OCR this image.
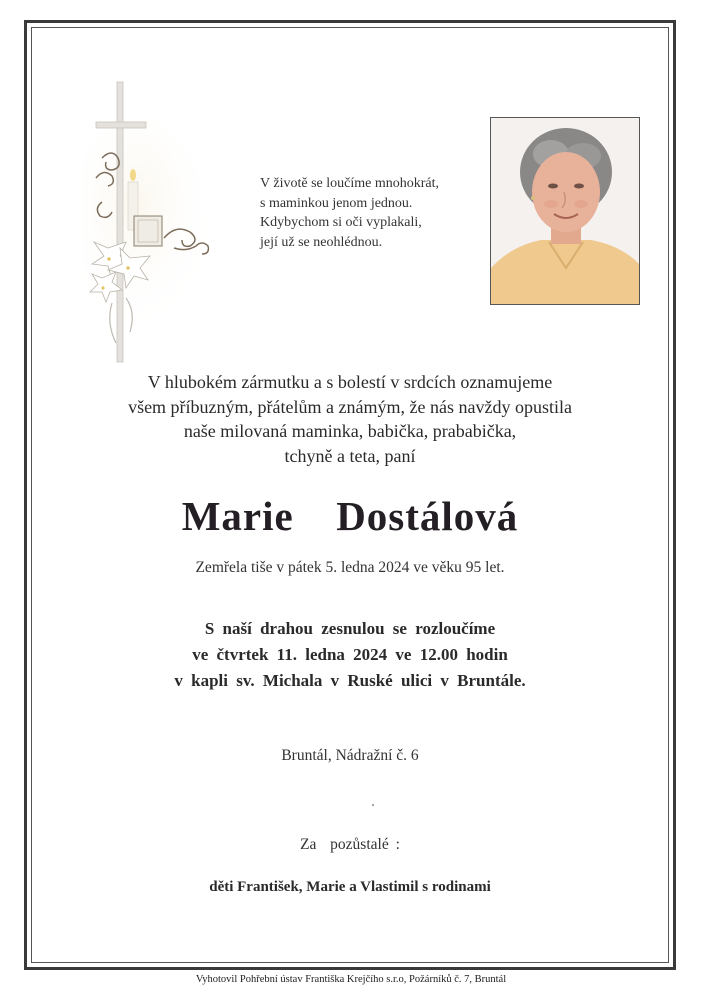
V životě se loučíme mnohokrát,
s maminkou jenom jednou.
Kdybychom si oči vyplakali,
její už se neohlédnou.
V hlubokém zármutku a s bolestí v srdcích oznamujeme
všem příbuzným, přátelům a známým, že nás navždy opustila
naše milovaná maminka, babička, prababička,
tchyně a teta, paní
Marie  Dostálová
Zemřela tiše v pátek 5. ledna 2024 ve věku 95 let.
S naší drahou zesnulou se rozloučíme
ve čtvrtek 11. ledna 2024 ve 12.00 hodin
v kapli sv. Michala v Ruské ulici v Bruntále.
Bruntál, Nádražní č. 6
Za  pozůstalé :
děti František, Marie a Vlastimil s rodinami
Vyhotovil Pohřební ústav Františka Krejčího s.r.o, Požárníků č. 7, Bruntál
